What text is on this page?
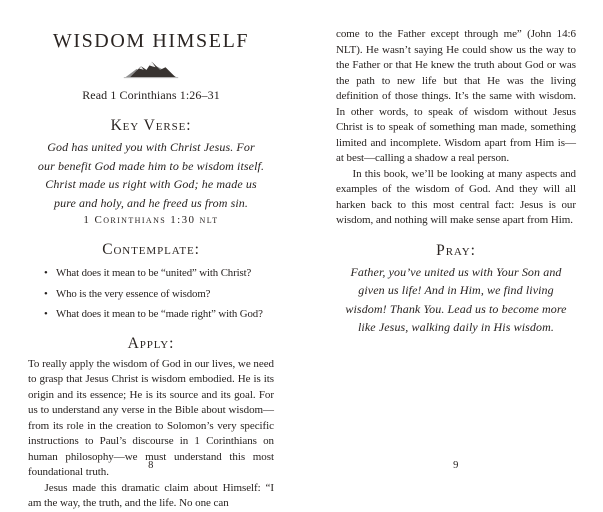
WISDOM HIMSELF
Read 1 Corinthians 1:26–31
Key Verse:
God has united you with Christ Jesus. For
our benefit God made him to be wisdom itself.
Christ made us right with God; he made us
pure and holy, and he freed us from sin.
1 Corinthians 1:30 nlt
Contemplate:
• What does it mean to be “united” with Christ?
• Who is the very essence of wisdom?
• What does it mean to be “made right” with God?
Apply:

To really apply the wisdom of God in our lives, we need to grasp that Jesus Christ is wisdom embodied. He is its origin and its essence; He is its source and its goal. For us to understand any verse in the Bible about wisdom—from its role in the creation to Solomon’s very specific instructions to Paul’s discourse in 1 Corinthians on human philosophy—we must understand this most foundational truth.

Jesus made this dramatic claim about Himself: “I am the way, the truth, and the life. No one can

8

come to the Father except through me” (John 14:6 NLT). He wasn’t saying He could show us the way to the Father or that He knew the truth about God or was the path to new life but that He was the living definition of those things. It’s the same with wisdom. In other words, to speak of wisdom without Jesus Christ is to speak of something man made, something limited and incomplete. Wisdom apart from Him is—at best—calling a shadow a real person.

In this book, we’ll be looking at many aspects and examples of the wisdom of God. And they will all harken back to this most central fact: Jesus is our wisdom, and nothing will make sense apart from Him.

Pray:
Father, you’ve united us with Your Son and
given us life! And in Him, we find living
wisdom! Thank You. Lead us to become more
like Jesus, walking daily in His wisdom.
9
